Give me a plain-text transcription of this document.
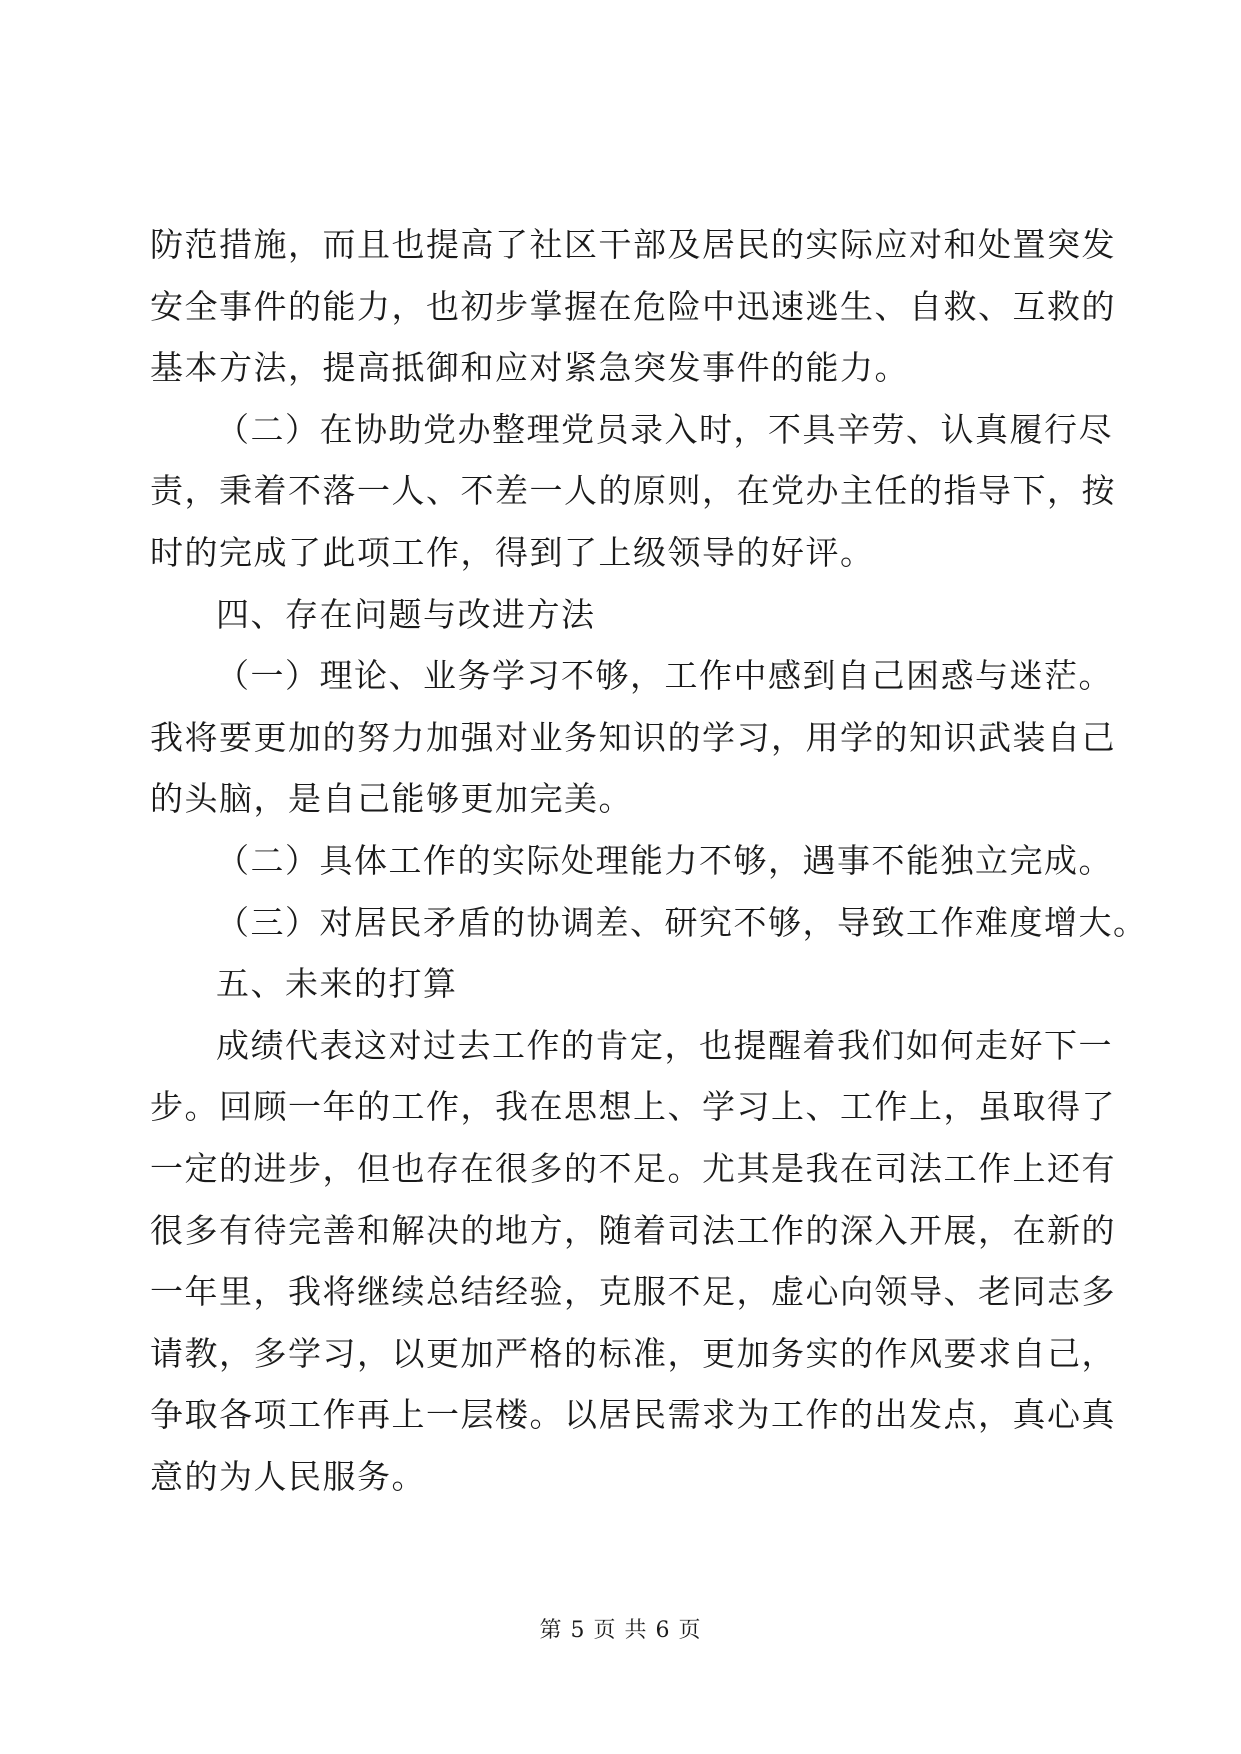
防范措施，而且也提高了社区干部及居民的实际应对和处置突发
安全事件的能力，也初步掌握在危险中迅速逃生、自救、互救的
基本方法，提高抵御和应对紧急突发事件的能力。
（二）在协助党办整理党员录入时，不具辛劳、认真履行尽
责，秉着不落一人、不差一人的原则，在党办主任的指导下，按
时的完成了此项工作，得到了上级领导的好评。
四、存在问题与改进方法
（一）理论、业务学习不够，工作中感到自己困惑与迷茫。
我将要更加的努力加强对业务知识的学习，用学的知识武装自己
的头脑，是自己能够更加完美。
（二）具体工作的实际处理能力不够，遇事不能独立完成。
（三）对居民矛盾的协调差、研究不够，导致工作难度增大。
五、未来的打算
成绩代表这对过去工作的肯定，也提醒着我们如何走好下一
步。回顾一年的工作，我在思想上、学习上、工作上，虽取得了
一定的进步，但也存在很多的不足。尤其是我在司法工作上还有
很多有待完善和解决的地方，随着司法工作的深入开展，在新的
一年里，我将继续总结经验，克服不足，虚心向领导、老同志多
请教，多学习，以更加严格的标准，更加务实的作风要求自己，
争取各项工作再上一层楼。以居民需求为工作的出发点，真心真
意的为人民服务。
第 5 页 共 6 页
